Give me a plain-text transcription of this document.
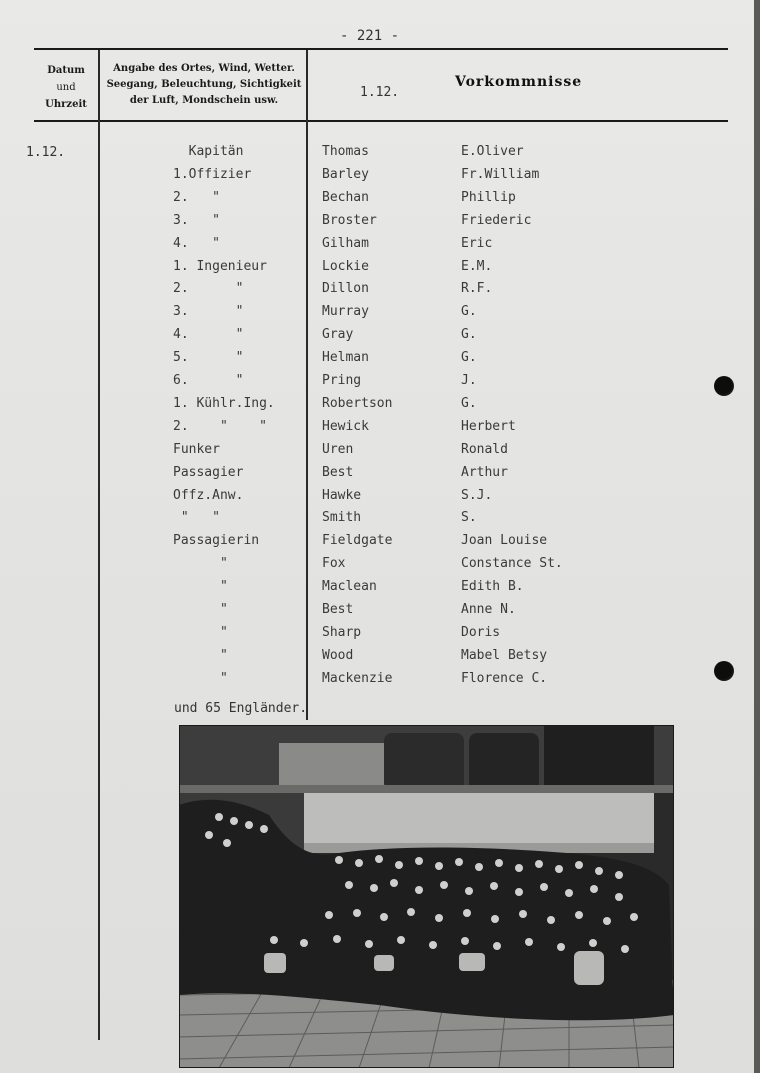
- 221 -
Datum
und
Uhrzeit
Angabe des Ortes, Wind, Wetter.
Seegang, Beleuchtung, Sichtigkeit
der Luft, Mondschein usw.
1.12.
Vorkommnisse
1.12.	Kapitän	Thomas	E.Oliver
1.Offizier	Barley	Fr.William
2.   "	Bechan	Phillip
3.   "	Broster	Friederic
4.   "	Gilham	Eric
1. Ingenieur	Lockie	E.M.
2.      "	Dillon	R.F.
3.      "	Murray	G.
4.      "	Gray	G.
5.      "	Helman	G.
6.      "	Pring	J.
1. Kühlr.Ing.	Robertson	G.
2.    "    "	Hewick	Herbert
Funker	Uren	Ronald
Passagier	Best	Arthur
Offz.Anw.	Hawke	S.J.
"   "	Smith	S.
Passagierin	Fieldgate	Joan Louise
"	Fox	Constance St.
"	Maclean	Edith B.
"	Best	Anne N.
"	Sharp	Doris
"	Wood	Mabel Betsy
"	Mackenzie	Florence C.
und 65 Engländer.
